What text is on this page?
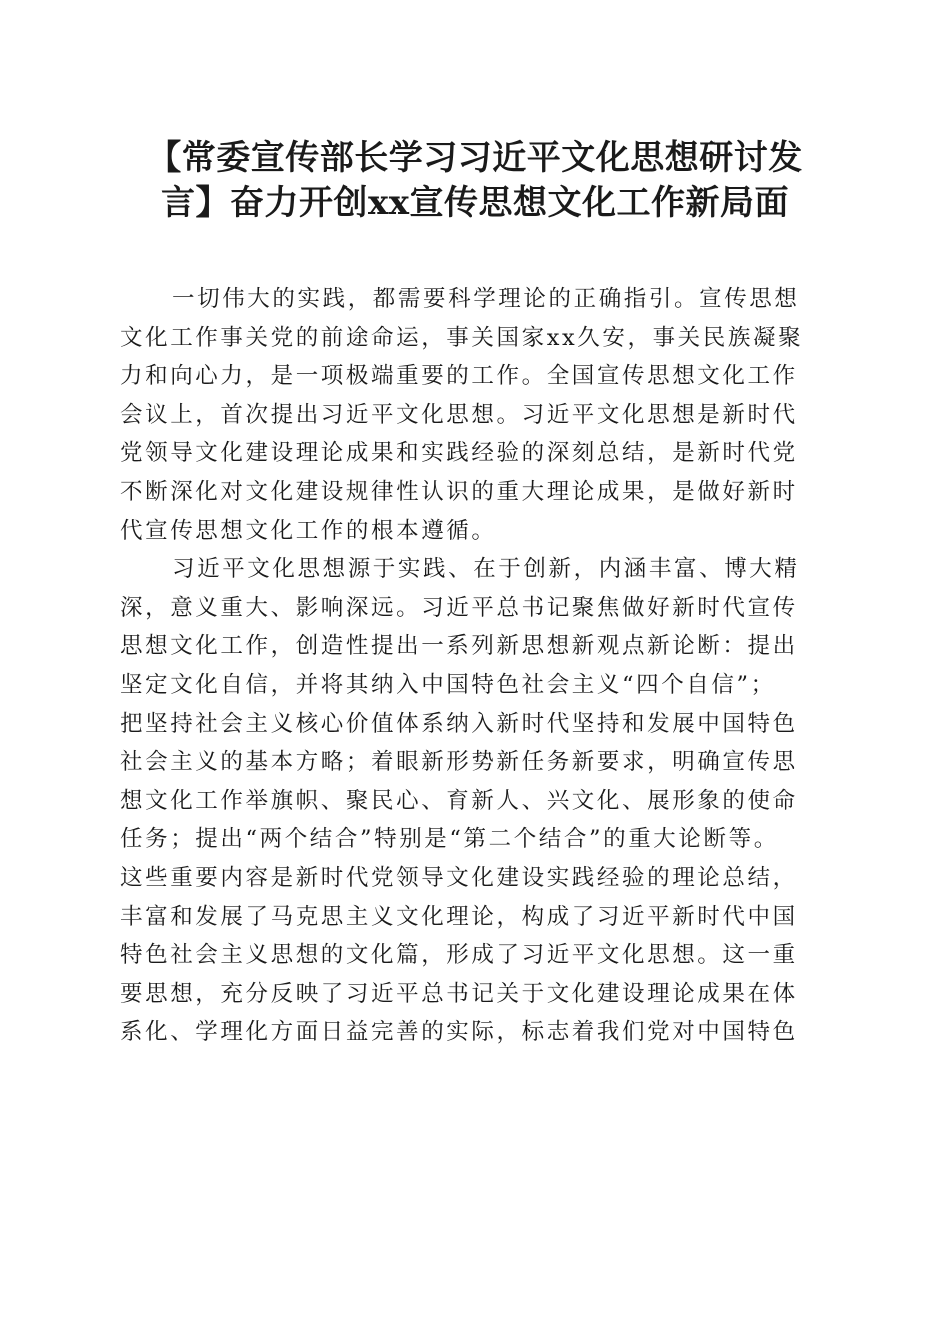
【常委宣传部长学习习近平文化思想研讨发
言】奋力开创xx宣传思想文化工作新局面
一切伟大的实践，都需要科学理论的正确指引。宣传思想
文化工作事关党的前途命运，事关国家xx久安，事关民族凝聚
力和向心力，是一项极端重要的工作。全国宣传思想文化工作
会议上，首次提出习近平文化思想。习近平文化思想是新时代
党领导文化建设理论成果和实践经验的深刻总结，是新时代党
不断深化对文化建设规律性认识的重大理论成果，是做好新时
代宣传思想文化工作的根本遵循。
习近平文化思想源于实践、在于创新，内涵丰富、博大精
深，意义重大、影响深远。习近平总书记聚焦做好新时代宣传
思想文化工作，创造性提出一系列新思想新观点新论断：提出
坚定文化自信，并将其纳入中国特色社会主义“四个自信”；
把坚持社会主义核心价值体系纳入新时代坚持和发展中国特色
社会主义的基本方略；着眼新形势新任务新要求，明确宣传思
想文化工作举旗帜、聚民心、育新人、兴文化、展形象的使命
任务；提出“两个结合”特别是“第二个结合”的重大论断等。
这些重要内容是新时代党领导文化建设实践经验的理论总结，
丰富和发展了马克思主义文化理论，构成了习近平新时代中国
特色社会主义思想的文化篇，形成了习近平文化思想。这一重
要思想，充分反映了习近平总书记关于文化建设理论成果在体
系化、学理化方面日益完善的实际，标志着我们党对中国特色
